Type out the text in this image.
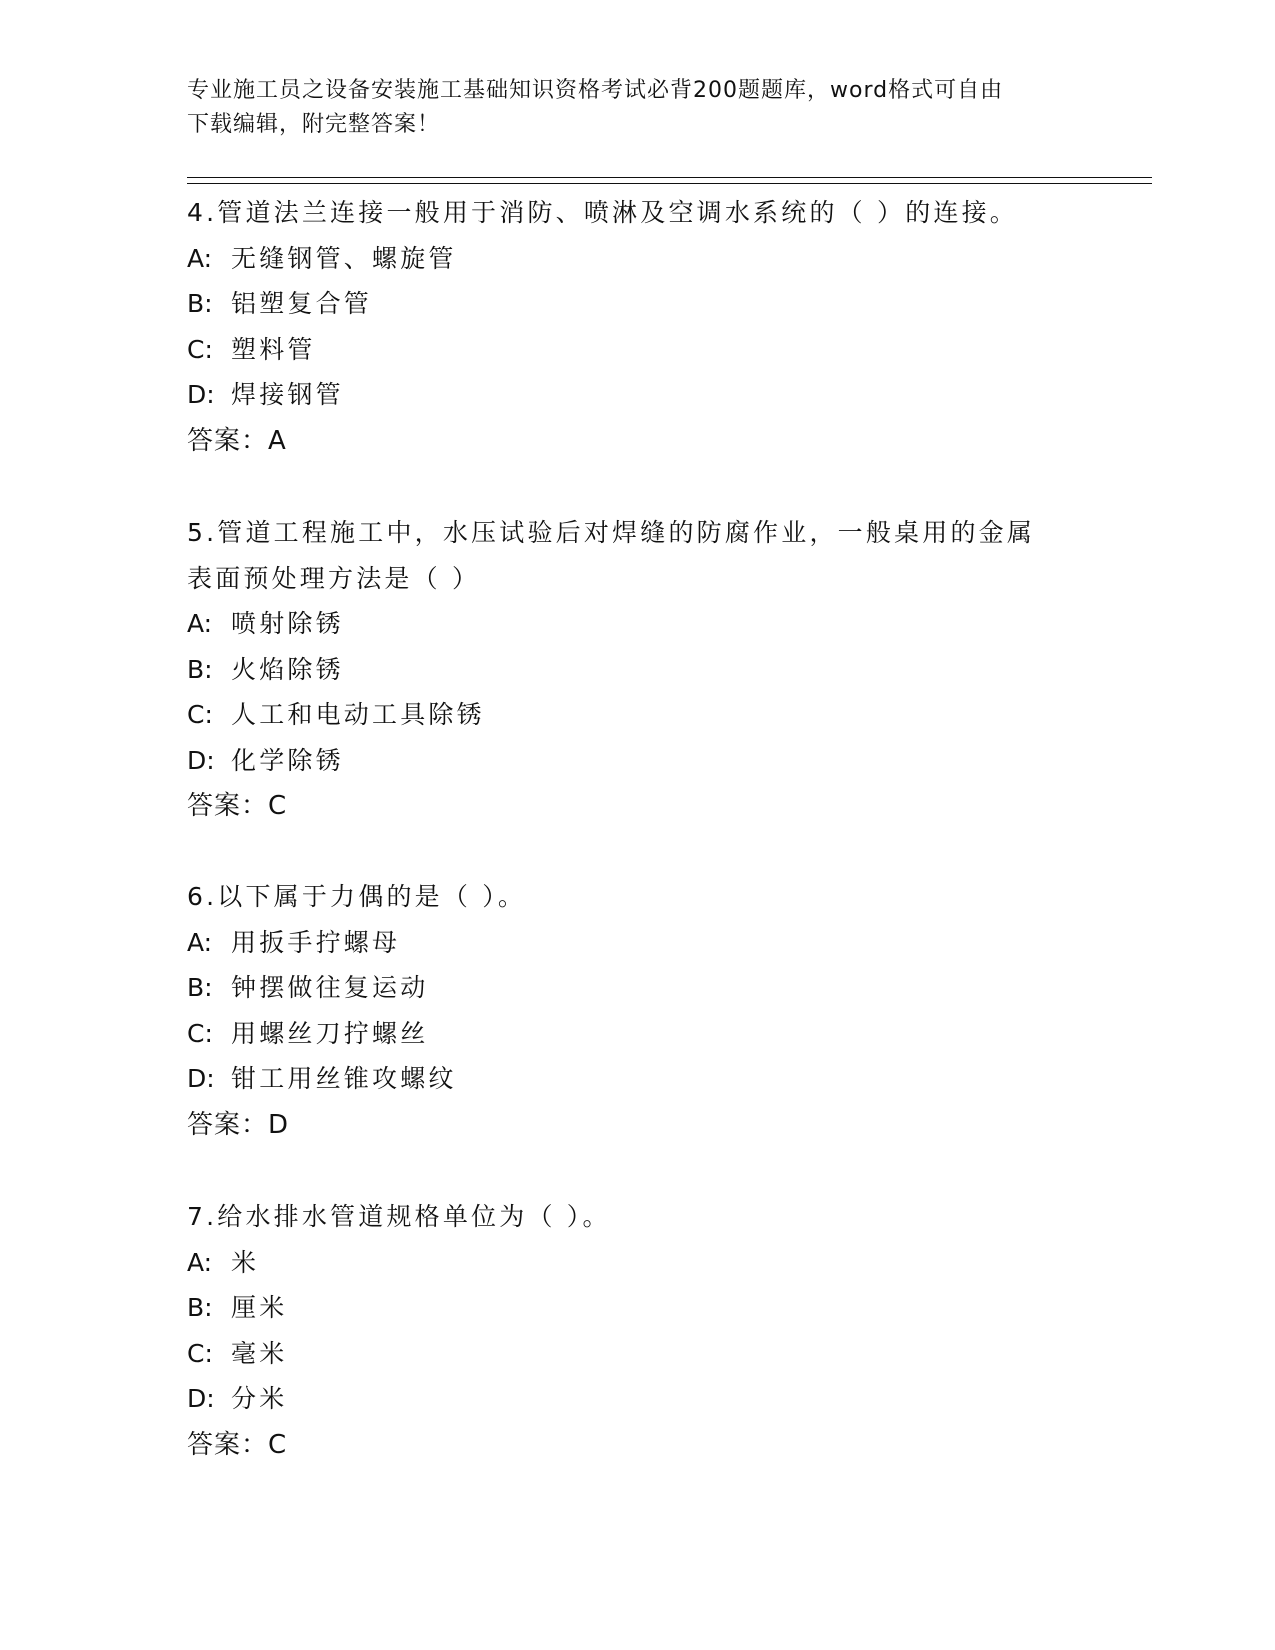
专业施工员之设备安装施工基础知识资格考试必背200题题库，word格式可自由
下载编辑，附完整答案！

4.管道法兰连接一般用于消防、喷淋及空调水系统的（ ）的连接。

A: 无缝钢管、螺旋管
B: 铝塑复合管
C: 塑料管
D: 焊接钢管
答案：A

5.管道工程施工中，水压试验后对焊缝的防腐作业，一般桌用的金属
表面预处理方法是（ ）

A: 喷射除锈
B: 火焰除锈
C: 人工和电动工具除锈
D: 化学除锈
答案：C

6.以下属于力偶的是（ ）。

A: 用扳手拧螺母
B: 钟摆做往复运动
C: 用螺丝刀拧螺丝
D: 钳工用丝锥攻螺纹
答案：D

7.给水排水管道规格单位为（ ）。

A: 米
B: 厘米
C: 毫米
D: 分米
答案：C
